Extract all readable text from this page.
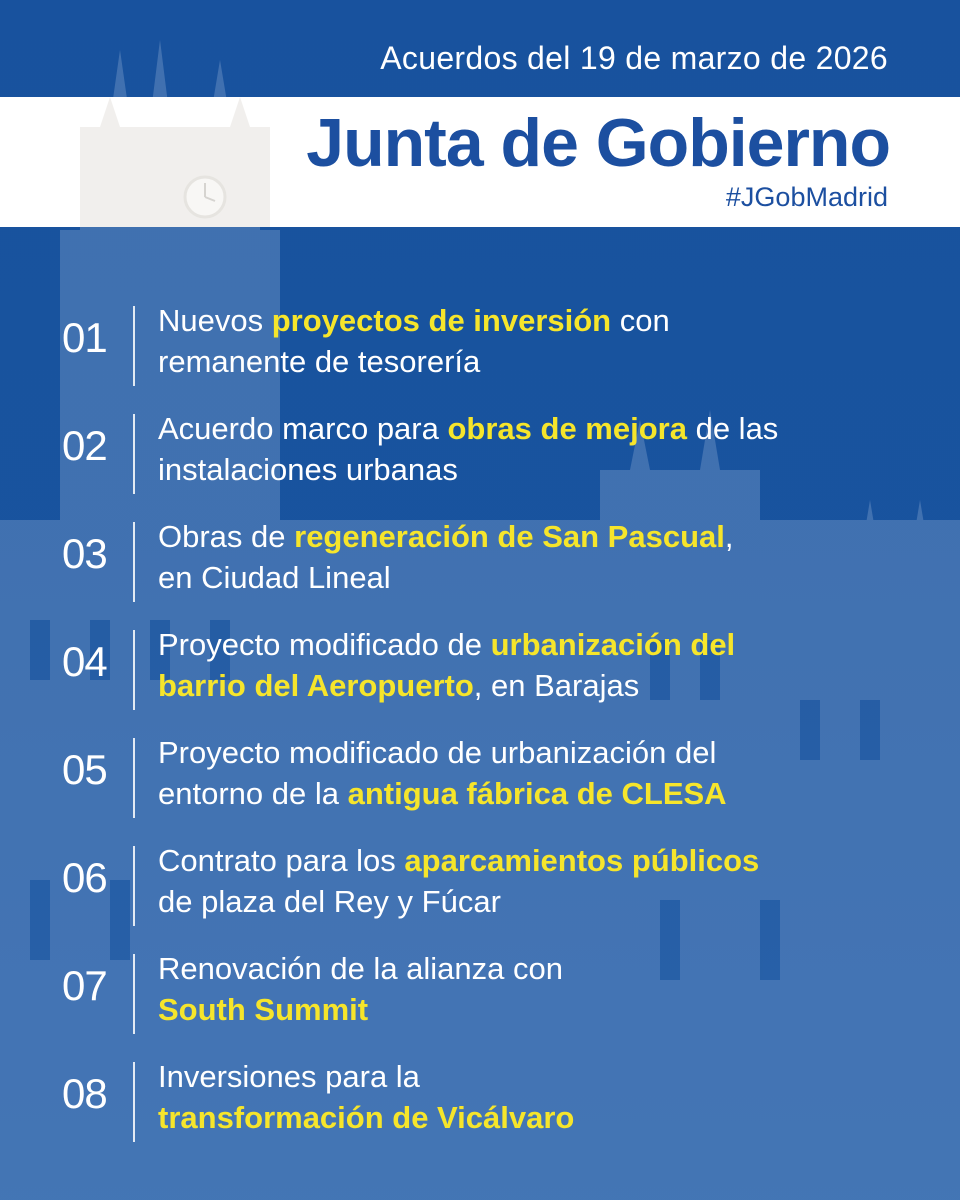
Acuerdos del 19 de marzo de 2026
Junta de Gobierno
#JGobMadrid
01	Nuevos proyectos de inversión con
remanente de tesorería
02	Acuerdo marco para obras de mejora de las
instalaciones urbanas
03	Obras de regeneración de San Pascual,
en Ciudad Lineal
04	Proyecto modificado de urbanización del
barrio del Aeropuerto, en Barajas
05	Proyecto modificado de urbanización del
entorno de la antigua fábrica de CLESA
06	Contrato para los aparcamientos públicos
de plaza del Rey y Fúcar
07	Renovación de la alianza con
South Summit
08	Inversiones para la
transformación de Vicálvaro
